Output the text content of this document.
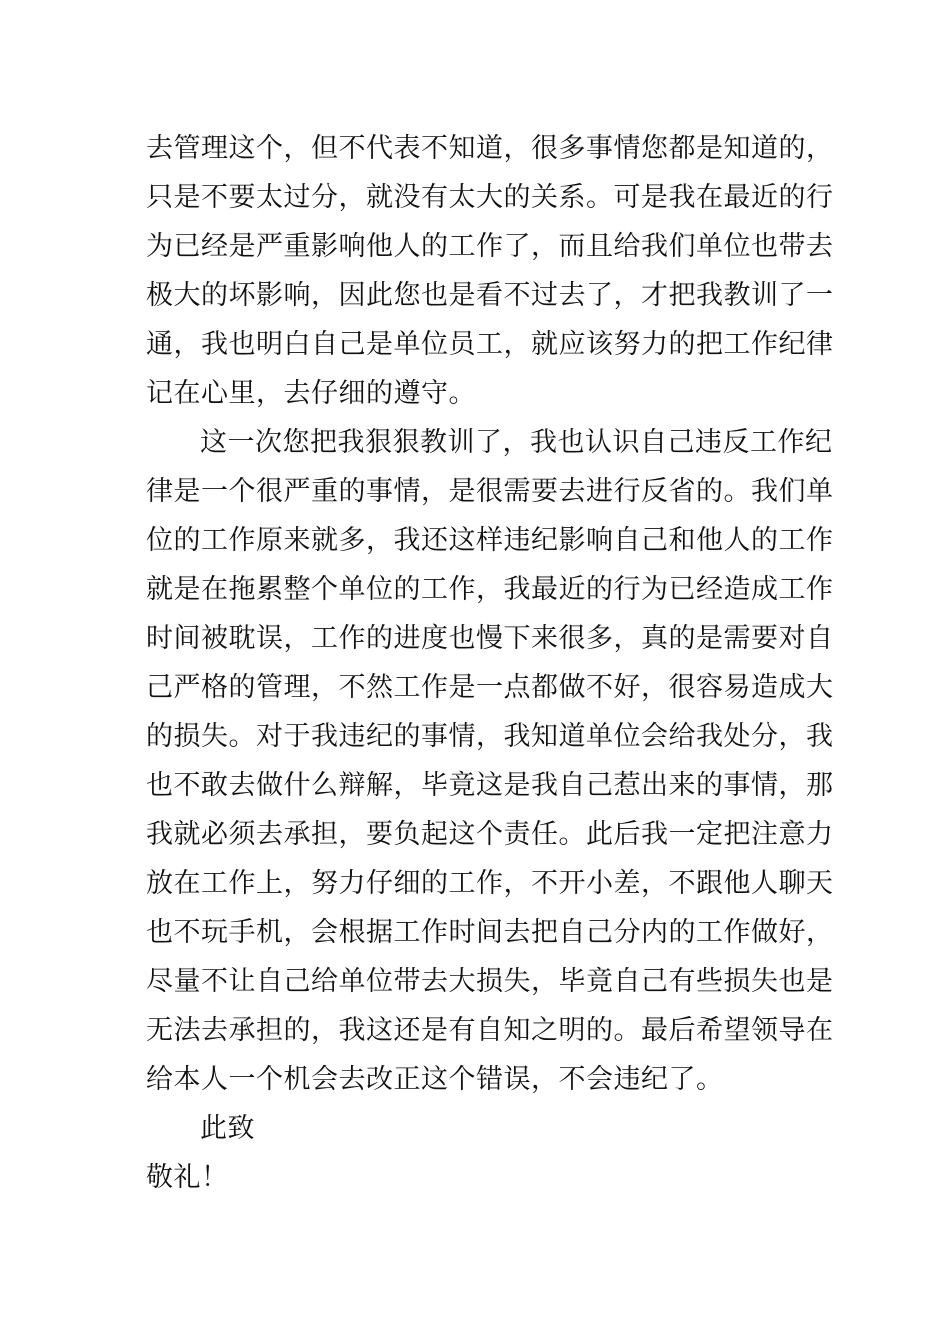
去管理这个，但不代表不知道，很多事情您都是知道的，
只是不要太过分，就没有太大的关系。可是我在最近的行
为已经是严重影响他人的工作了，而且给我们单位也带去
极大的坏影响，因此您也是看不过去了，才把我教训了一
通，我也明白自己是单位员工，就应该努力的把工作纪律
记在心里，去仔细的遵守。
这一次您把我狠狠教训了，我也认识自己违反工作纪
律是一个很严重的事情，是很需要去进行反省的。我们单
位的工作原来就多，我还这样违纪影响自己和他人的工作
就是在拖累整个单位的工作，我最近的行为已经造成工作
时间被耽误，工作的进度也慢下来很多，真的是需要对自
己严格的管理，不然工作是一点都做不好，很容易造成大
的损失。对于我违纪的事情，我知道单位会给我处分，我
也不敢去做什么辩解，毕竟这是我自己惹出来的事情，那
我就必须去承担，要负起这个责任。此后我一定把注意力
放在工作上，努力仔细的工作，不开小差，不跟他人聊天
也不玩手机，会根据工作时间去把自己分内的工作做好，
尽量不让自己给单位带去大损失，毕竟自己有些损失也是
无法去承担的，我这还是有自知之明的。最后希望领导在
给本人一个机会去改正这个错误，不会违纪了。
此致
敬礼！
